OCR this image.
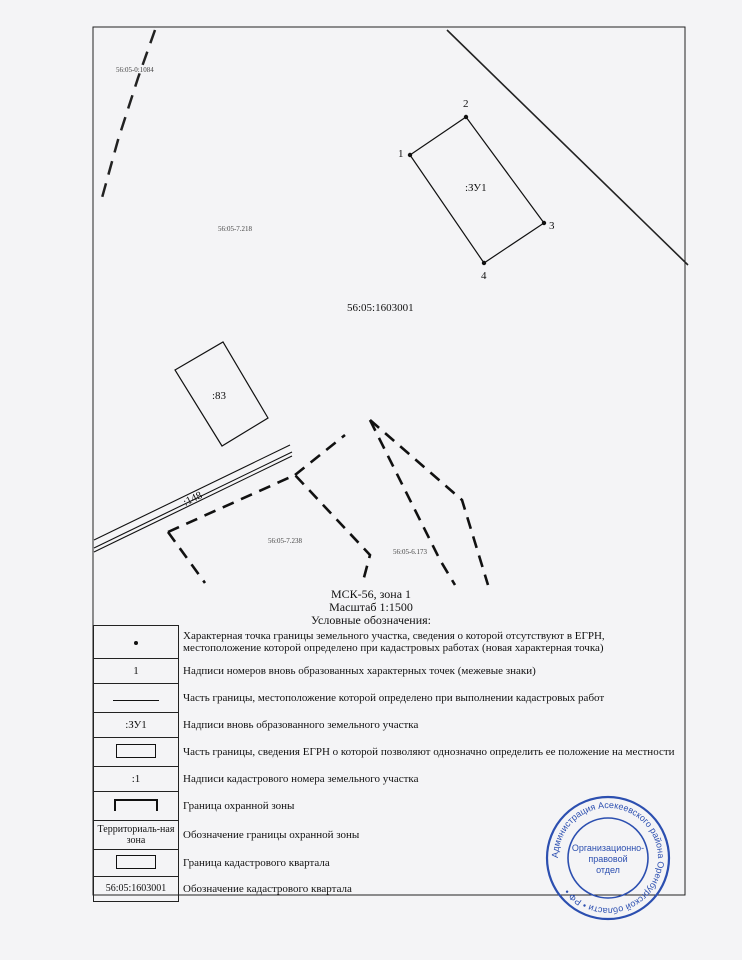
56:05-0:1084
56:05-7.218
56:05-7.238
56:05-6.173
1
2
3
4
:ЗУ1
:83
:148
56:05:1603001
МСК-56, зона 1
Масштаб 1:1500
Условные обозначения:
	Характерная точка границы земельного участка, сведения о которой отсутствуют в ЕГРН, местоположение которой определено при кадастровых работах (новая характерная точка)
1	Надписи номеров вновь образованных характерных точек (межевые знаки)
	Часть границы, местоположение которой определено при выполнении кадастровых работ
:ЗУ1	Надписи вновь образованного земельного участка
	Часть границы, сведения ЕГРН о которой позволяют однозначно определить ее положение на местности
:1	Надписи кадастрового номера земельного участка
	Граница охранной зоны
Территориаль-ная зона	Обозначение границы охранной зоны
	Граница кадастрового квартала
56:05:1603001	Обозначение кадастрового квартала
Администрация Асекеевского района Оренбургской области • РФ •
Организационно-
правовой
отдел
